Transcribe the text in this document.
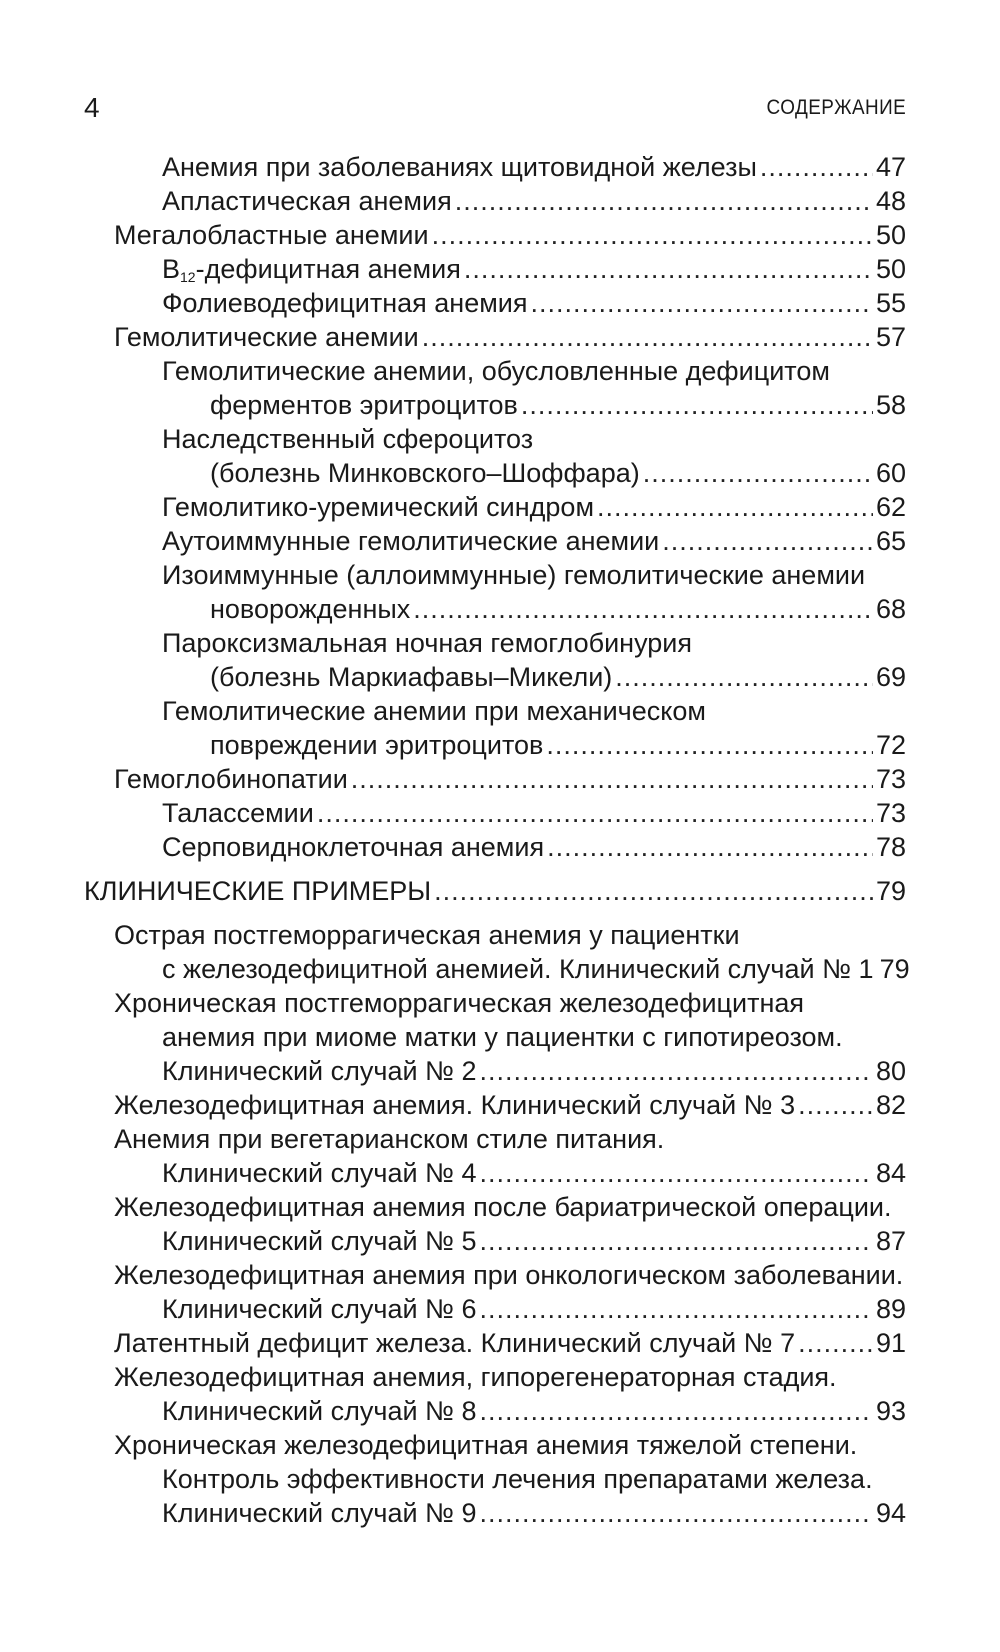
4	СОДЕРЖАНИЕ
Анемия при заболеваниях щитовидной железы .....	47
Апластическая анемия .....	48
Мегалобластные анемии .....	50
$B_{12}$-дефицитная анемия .....	50
Фолиеводефицитная анемия .....	55
Гемолитические анемии .....	57
Гемолитические анемии, обусловленные дефицитом
ферментов эритроцитов .....	58
Наследственный сфероцитоз
(болезнь Минковского–Шоффара) .....	60
Гемолитико-уремический синдром .....	62
Аутоиммунные гемолитические анемии .....	65
Изоиммунные (аллоиммунные) гемолитические анемии
новорожденных .....	68
Пароксизмальная ночная гемоглобинурия
(болезнь Маркиафавы–Микели) .....	69
Гемолитические анемии при механическом
повреждении эритроцитов .....	72
Гемоглобинопатии .....	73
Талассемии .....	73
Серповидноклеточная анемия .....	78
КЛИНИЧЕСКИЕ ПРИМЕРЫ .....	79
Острая постгеморрагическая анемия у пациентки
с железодефицитной анемией. Клинический случай № 1 79
Хроническая постгеморрагическая железодефицитная
анемия при миоме матки у пациентки с гипотиреозом.
Клинический случай № 2 .....	80
Железодефицитная анемия. Клинический случай № 3 .....	82
Анемия при вегетарианском стиле питания.
Клинический случай № 4 .....	84
Железодефицитная анемия после бариатрической операции.
Клинический случай № 5 .....	87
Железодефицитная анемия при онкологическом заболевании.
Клинический случай № 6 .....	89
Латентный дефицит железа. Клинический случай № 7 .....	91
Железодефицитная анемия, гипорегенераторная стадия.
Клинический случай № 8 .....	93
Хроническая железодефицитная анемия тяжелой степени.
Контроль эффективности лечения препаратами железа.
Клинический случай № 9 .....	94
